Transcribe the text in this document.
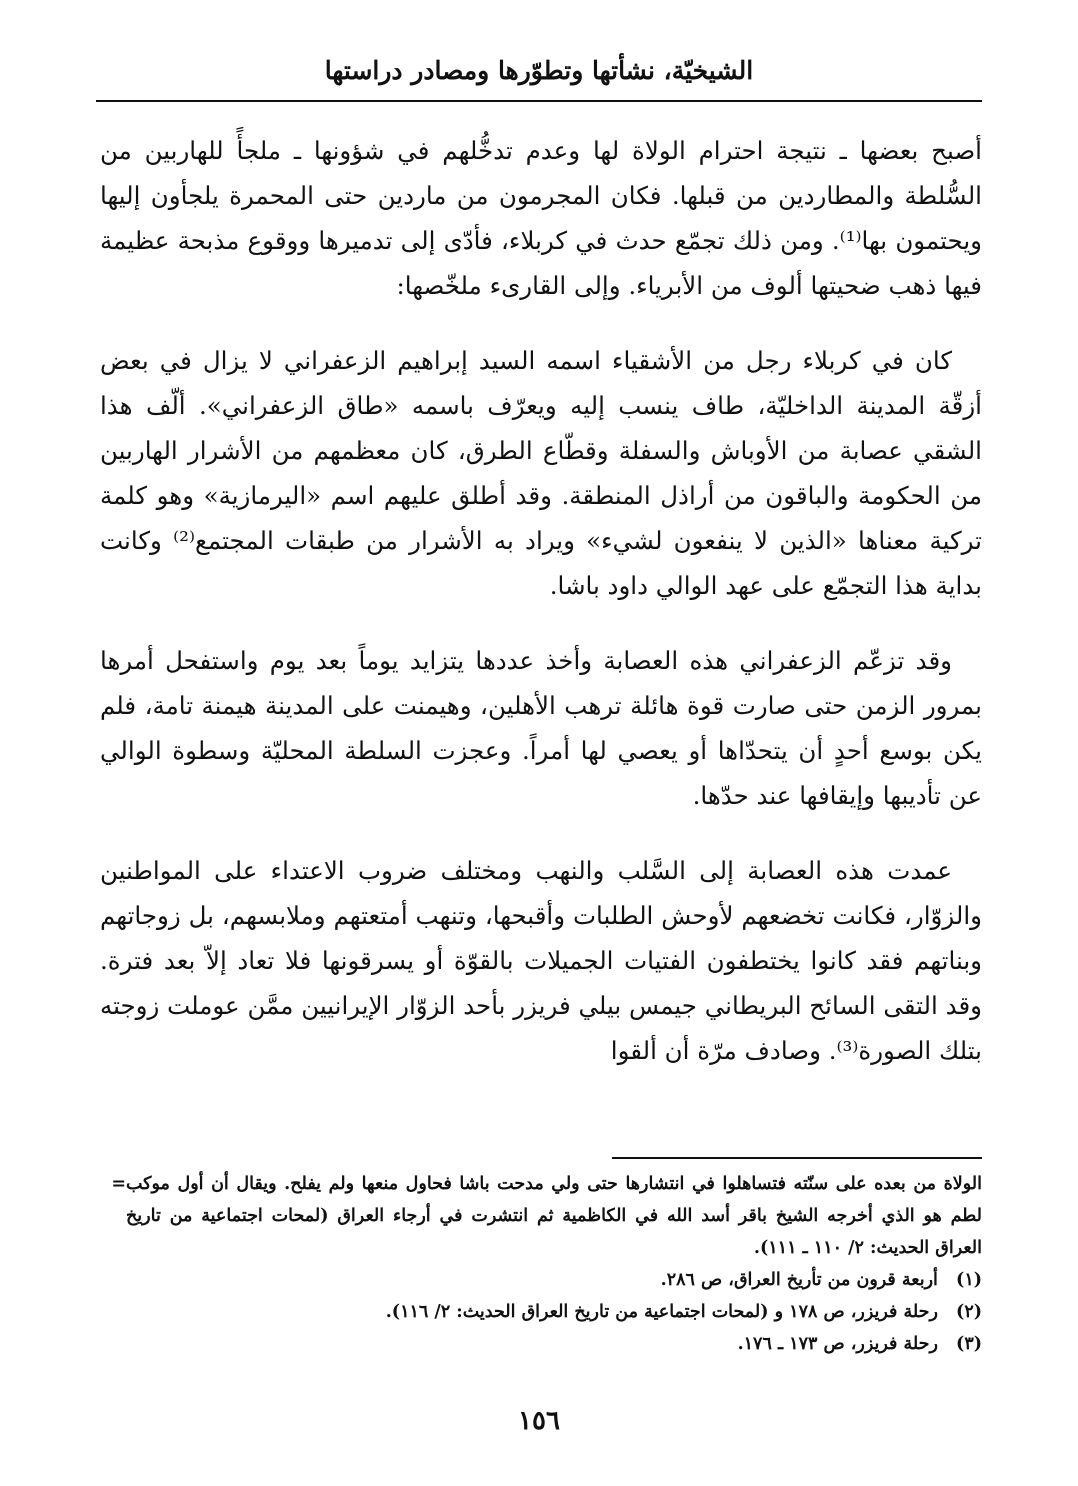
الشيخيّة، نشأتها وتطوّرها ومصادر دراستها

أصبح بعضها ـ نتيجة احترام الولاة لها وعدم تدخُّلهم في شؤونها ـ ملجأً للهاربين من السُّلطة والمطاردين من قبلها. فكان المجرمون من ماردين حتى المحمرة يلجأون إليها ويحتمون بها⁽¹⁾. ومن ذلك تجمّع حدث في كربلاء، فأدّى إلى تدميرها ووقوع مذبحة عظيمة فيها ذهب ضحيتها ألوف من الأبرياء. وإلى القارىء ملخّصها:

كان في كربلاء رجل من الأشقياء اسمه السيد إبراهيم الزعفراني لا يزال في بعض أزقّة المدينة الداخليّة، طاف ينسب إليه ويعرّف باسمه «طاق الزعفراني». ألّف هذا الشقي عصابة من الأوباش والسفلة وقطّاع الطرق، كان معظمهم من الأشرار الهاربين من الحكومة والباقون من أراذل المنطقة. وقد أطلق عليهم اسم «اليرمازية» وهو كلمة تركية معناها «الذين لا ينفعون لشيء» ويراد به الأشرار من طبقات المجتمع⁽²⁾ وكانت بداية هذا التجمّع على عهد الوالي داود باشا.

وقد تزعّم الزعفراني هذه العصابة وأخذ عددها يتزايد يوماً بعد يوم واستفحل أمرها بمرور الزمن حتى صارت قوة هائلة ترهب الأهلين، وهيمنت على المدينة هيمنة تامة، فلم يكن بوسع أحدٍ أن يتحدّاها أو يعصي لها أمراً. وعجزت السلطة المحليّة وسطوة الوالي عن تأديبها وإيقافها عند حدّها.

عمدت هذه العصابة إلى السَّلب والنهب ومختلف ضروب الاعتداء على المواطنين والزوّار، فكانت تخضعهم لأوحش الطلبات وأقبحها، وتنهب أمتعتهم وملابسهم، بل زوجاتهم وبناتهم فقد كانوا يختطفون الفتيات الجميلات بالقوّة أو يسرقونها فلا تعاد إلاّ بعد فترة. وقد التقى السائح البريطاني جيمس بيلي فريزر بأحد الزوّار الإيرانيين ممَّن عوملت زوجته بتلك الصورة⁽³⁾. وصادف مرّة أن ألقوا

= الولاة من بعده على سنّته فتساهلوا في انتشارها حتى ولي مدحت باشا فحاول منعها ولم يفلح. ويقال أن أول موكب لطم هو الذي أخرجه الشيخ باقر أسد الله في الكاظمية ثم انتشرت في أرجاء العراق (لمحات اجتماعية من تاريخ العراق الحديث: ٢/ ١١٠ ـ ١١١).
(١) أربعة قرون من تأريخ العراق، ص ٢٨٦.
(٢) رحلة فريزر، ص ١٧٨ و (لمحات اجتماعية من تاريخ العراق الحديث: ٢/ ١١٦).
(٣) رحلة فريزر، ص ١٧٣ ـ ١٧٦.
١٥٦
